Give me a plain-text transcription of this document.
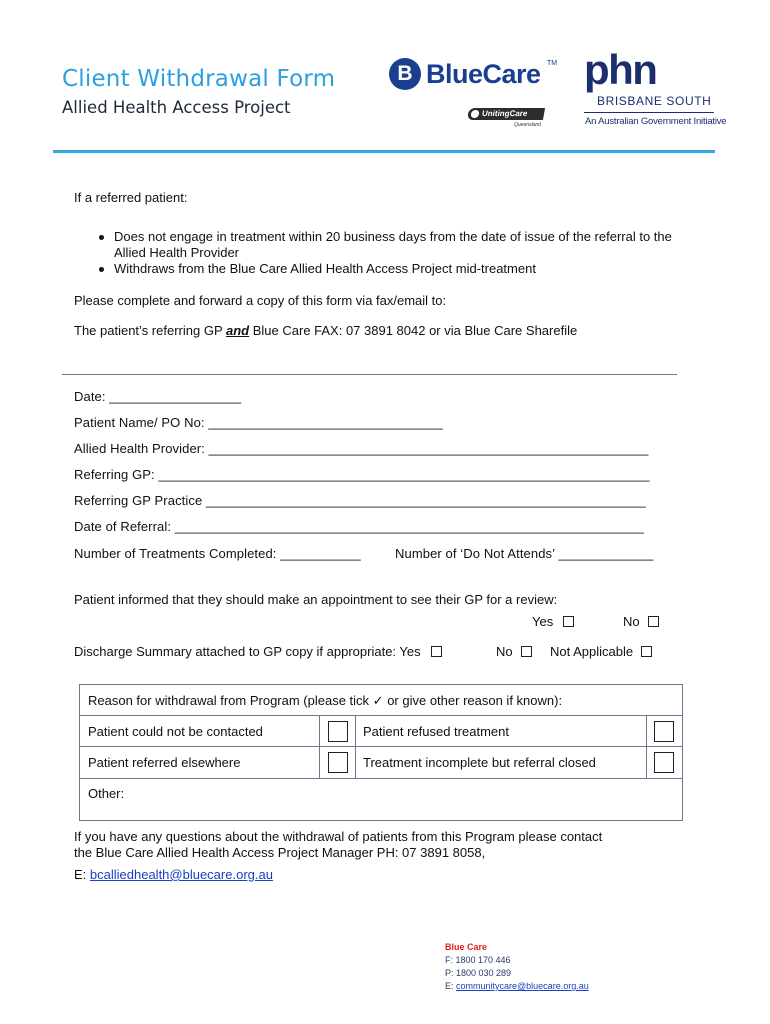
Client Withdrawal Form
Allied Health Access Project
B BlueCare TM
UnitingCare
Queensland
phn
BRISBANE SOUTH
An Australian Government Initiative
If a referred patient:
Does not engage in treatment within 20 business days from the date of issue of the referral to the Allied Health Provider
Withdraws from the Blue Care Allied Health Access Project mid-treatment
Please complete and forward a copy of this form via fax/email to:
The patient’s referring GP and Blue Care FAX: 07 3891 8042 or via Blue Care Sharefile
Date: __________________
Patient Name/ PO No: ________________________________
Allied Health Provider: ____________________________________________________________
Referring GP: ___________________________________________________________________
Referring GP Practice ____________________________________________________________
Date of Referral: ________________________________________________________________
Number of Treatments Completed: ___________	Number of ‘Do Not Attends’ _____________
Patient informed that they should make an appointment to see their GP for a review:
Yes	No
Discharge Summary attached to GP copy if appropriate: Yes	No	Not Applicable
Reason for withdrawal from Program (please tick ✓ or give other reason if known):
Patient could not be contacted	Patient refused treatment
Patient referred elsewhere	Treatment incomplete but referral closed
Other:
If you have any questions about the withdrawal of patients from this Program please contact
the Blue Care Allied Health Access Project Manager PH: 07 3891 8058,
E: bcalliedhealth@bluecare.org.au
Blue Care
F: 1800 170 446
P: 1800 030 289
E: communitycare@bluecare.org.au
